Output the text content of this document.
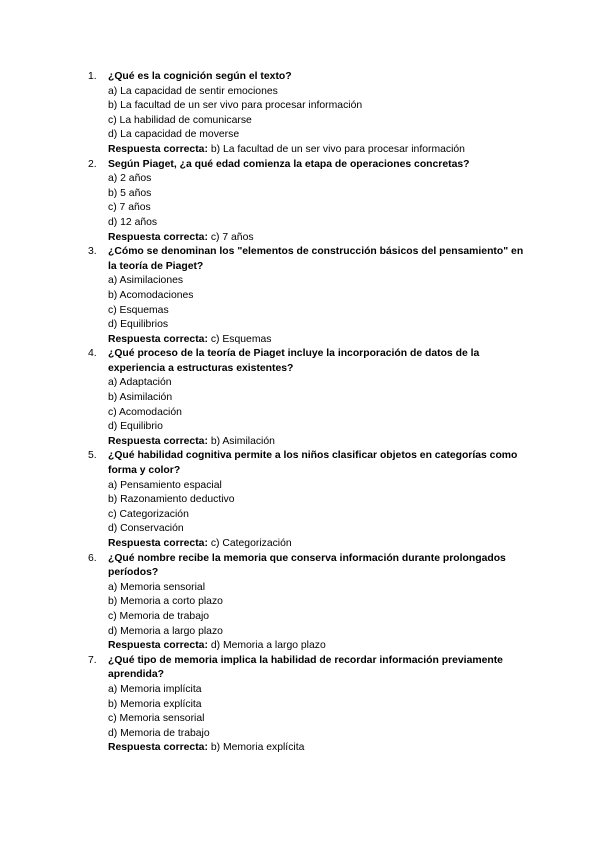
1.	¿Qué es la cognición según el texto?
a) La capacidad de sentir emociones
b) La facultad de un ser vivo para procesar información
c) La habilidad de comunicarse
d) La capacidad de moverse
Respuesta correcta: b) La facultad de un ser vivo para procesar información
2.	Según Piaget, ¿a qué edad comienza la etapa de operaciones concretas?
a) 2 años
b) 5 años
c) 7 años
d) 12 años
Respuesta correcta: c) 7 años
3.	¿Cómo se denominan los "elementos de construcción básicos del pensamiento" en la teoría de Piaget?
a) Asimilaciones
b) Acomodaciones
c) Esquemas
d) Equilibrios
Respuesta correcta: c) Esquemas
4.	¿Qué proceso de la teoría de Piaget incluye la incorporación de datos de la experiencia a estructuras existentes?
a) Adaptación
b) Asimilación
c) Acomodación
d) Equilibrio
Respuesta correcta: b) Asimilación
5.	¿Qué habilidad cognitiva permite a los niños clasificar objetos en categorías como forma y color?
a) Pensamiento espacial
b) Razonamiento deductivo
c) Categorización
d) Conservación
Respuesta correcta: c) Categorización
6.	¿Qué nombre recibe la memoria que conserva información durante prolongados períodos?
a) Memoria sensorial
b) Memoria a corto plazo
c) Memoria de trabajo
d) Memoria a largo plazo
Respuesta correcta: d) Memoria a largo plazo
7.	¿Qué tipo de memoria implica la habilidad de recordar información previamente aprendida?
a) Memoria implícita
b) Memoria explícita
c) Memoria sensorial
d) Memoria de trabajo
Respuesta correcta: b) Memoria explícita
